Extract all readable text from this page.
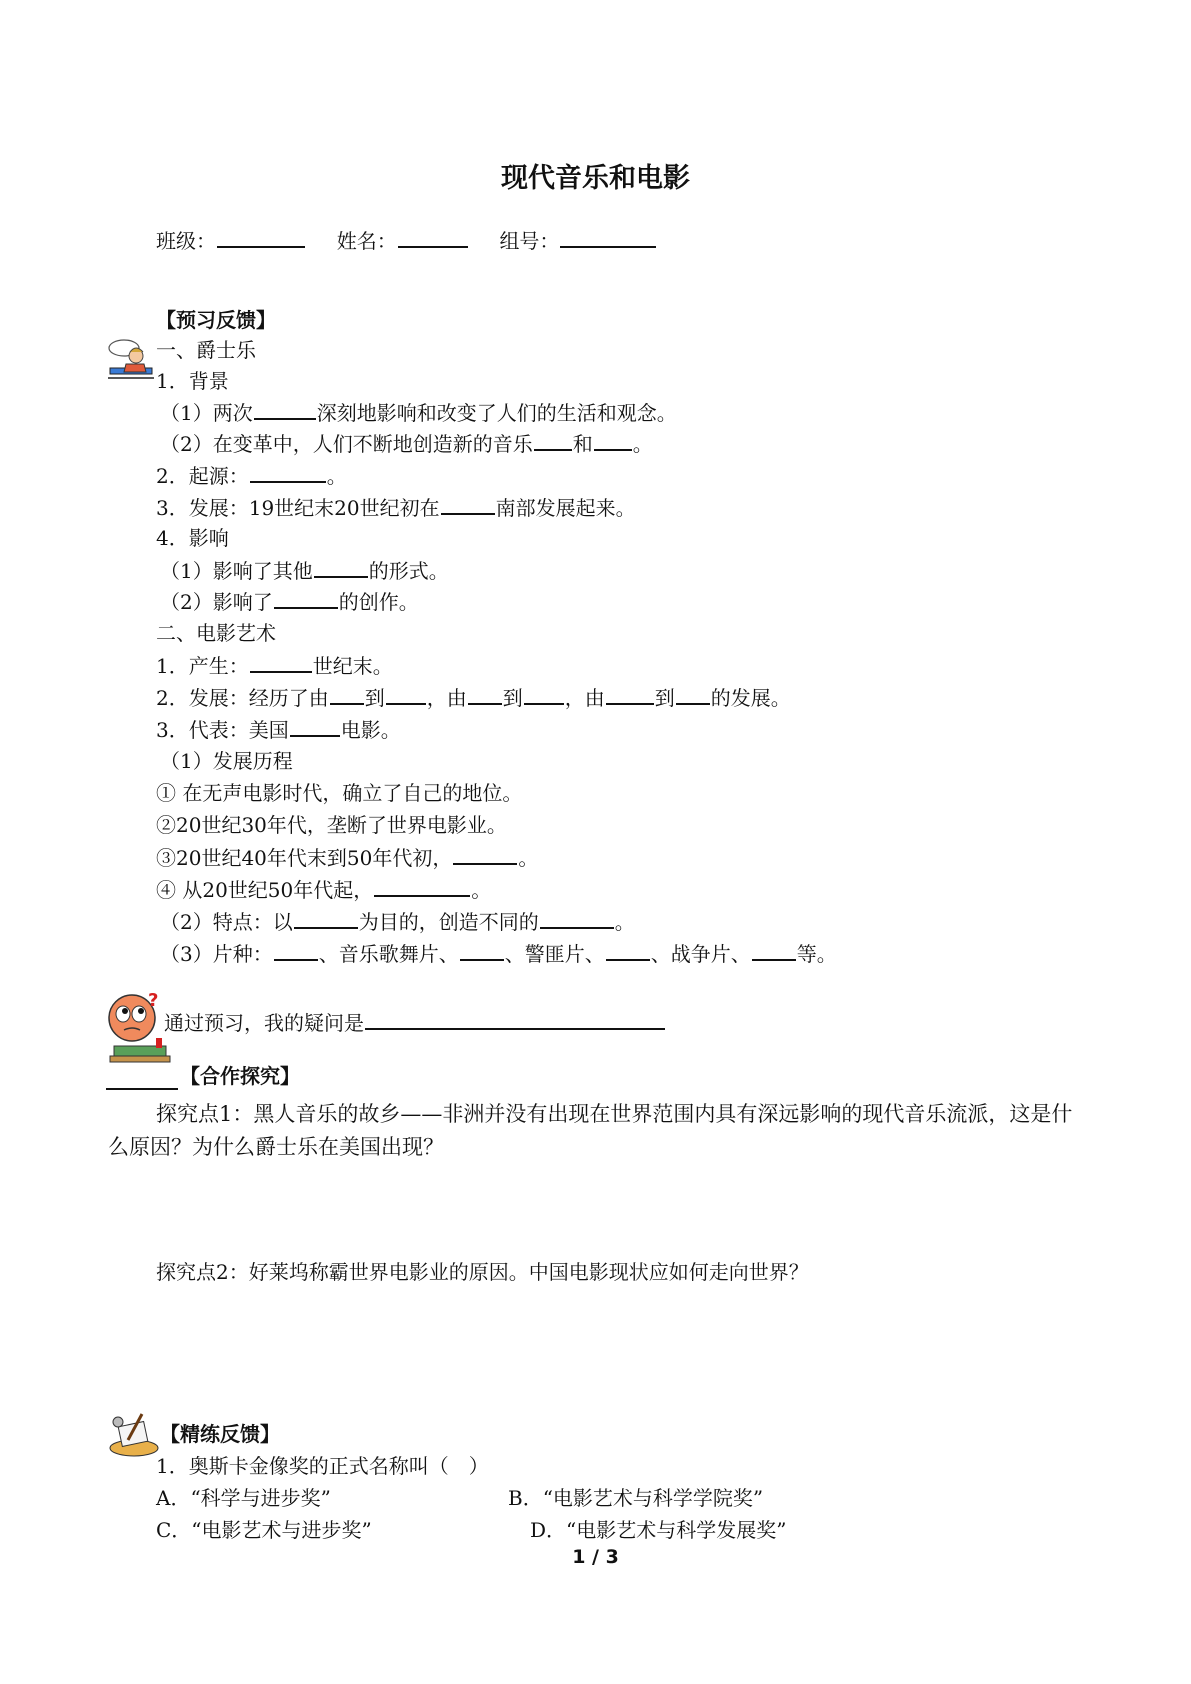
现代音乐和电影
班级：	姓名：	组号：
【预习反馈】
一、爵士乐
1．背景
（1）两次	深刻地影响和改变了人们的生活和观念。
（2）在变革中，人们不断地创造新的音乐 和 。
2．起源：	。
3．发展：19世纪末20世纪初在	南部发展起来。
4．影响
（1）影响了其他	的形式。
（2）影响了	的创作。
二、电影艺术
1．产生：	世纪末。
2．发展：经历了由 到 ，由 到 ，由	到 的发展。
3．代表：美国	电影。
（1）发展历程
① 在无声电影时代，确立了自己的地位。
②20世纪30年代，垄断了世界电影业。
③20世纪40年代末到50年代初，	。
④ 从20世纪50年代起，	。
（2）特点：以	为目的，创造不同的	。
（3）片种： 、音乐歌舞片、 、警匪片、 、战争片、 等。
?
通过预习，我的疑问是
【合作探究】
探究点1：黑人音乐的故乡——非洲并没有出现在世界范围内具有深远影响的现代音乐流派，这是什么原因？为什么爵士乐在美国出现？
探究点2：好莱坞称霸世界电影业的原因。中国电影现状应如何走向世界？
【精练反馈】
1．奥斯卡金像奖的正式名称叫（　）
A．“科学与进步奖”	B．“电影艺术与科学学院奖”
C．“电影艺术与进步奖”	D．“电影艺术与科学发展奖”
1 / 3
